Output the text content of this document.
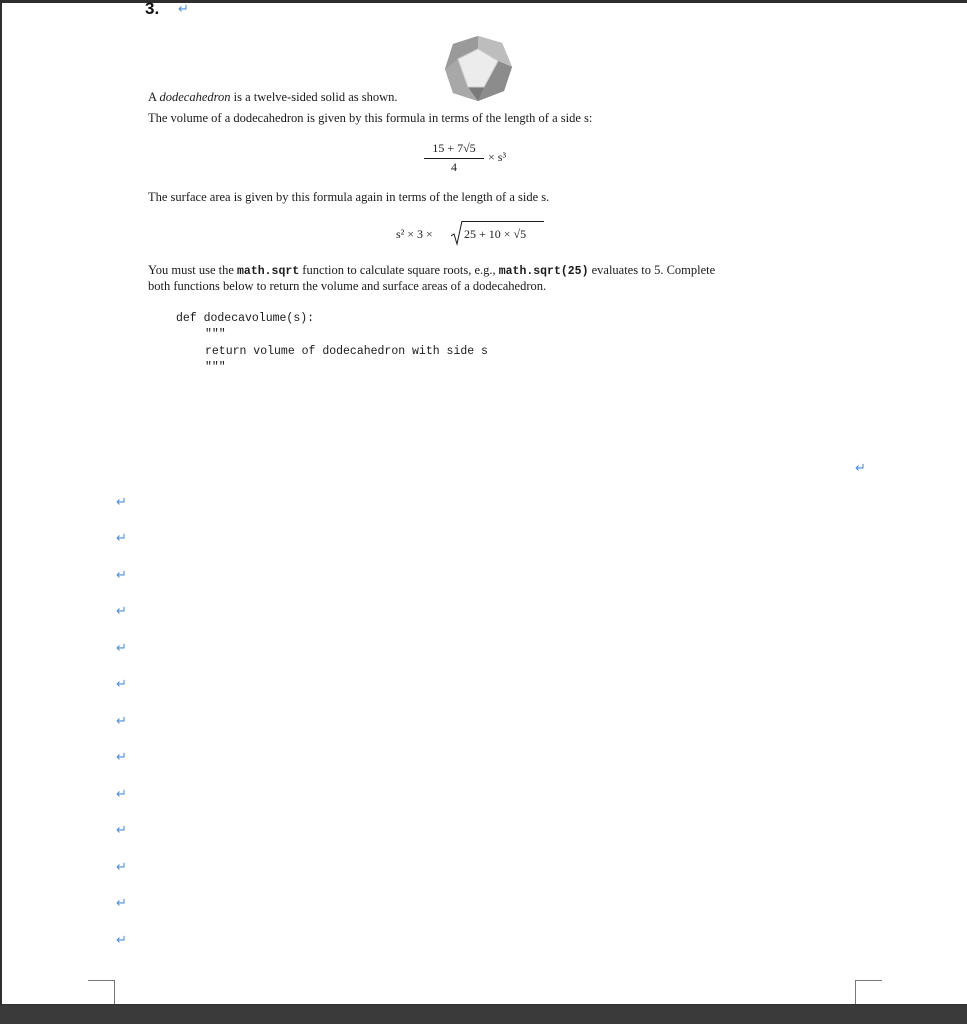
3. ↵
A dodecahedron is a twelve-sided solid as shown.
The volume of a dodecahedron is given by this formula in terms of the length of a side s:
15 + 7√5
4
× s³
The surface area is given by this formula again in terms of the length of a side s.
s² × 3 ×	25 + 10 × √5
You must use the math.sqrt function to calculate square roots, e.g., math.sqrt(25) evaluates to 5. Complete
both functions below to return the volume and surface areas of a dodecahedron.
def dodecavolume(s):
"""
return volume of dodecahedron with side s
"""
↵
↵
↵
↵
↵
↵
↵
↵
↵
↵
↵
↵
↵
↵
